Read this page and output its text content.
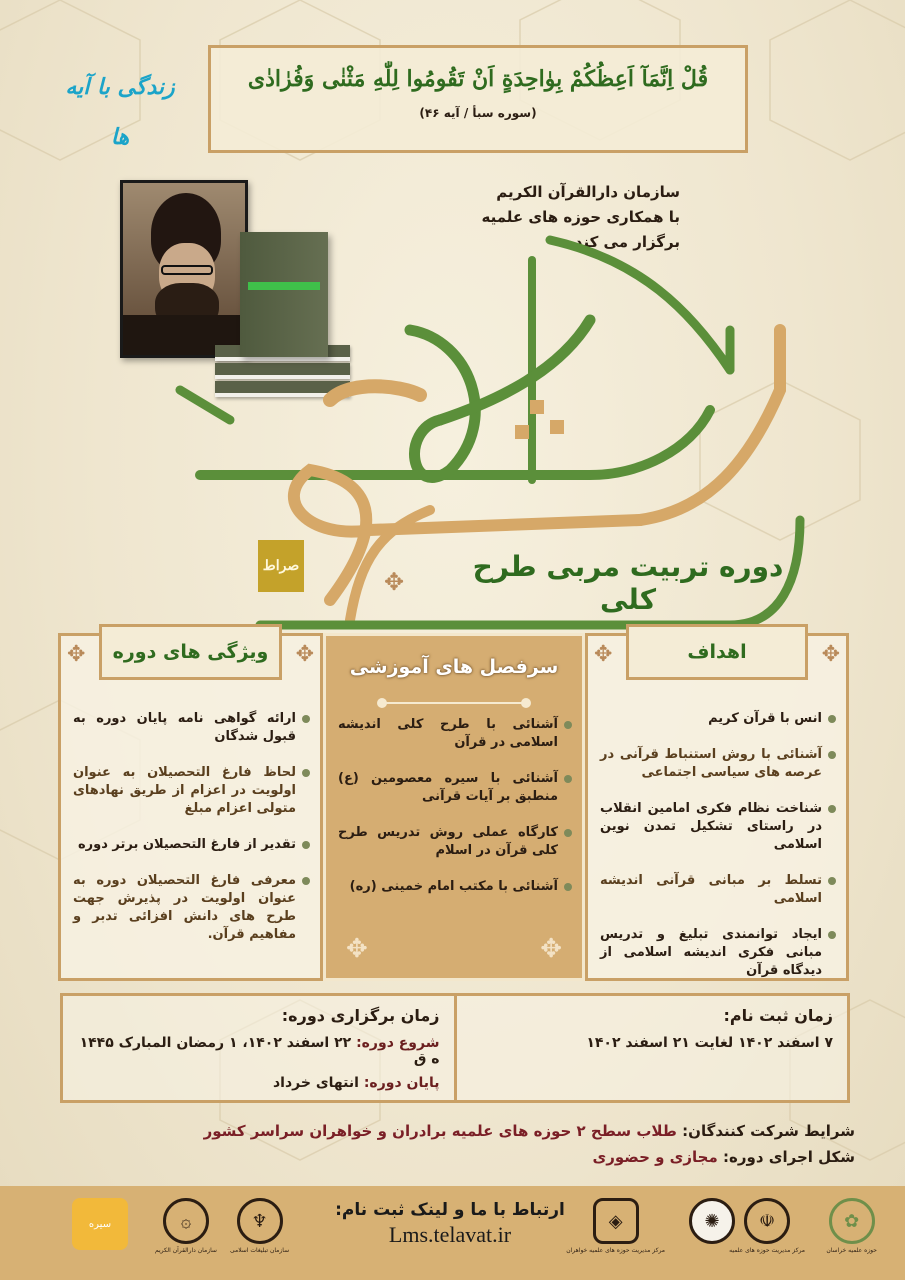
زندگی با آیه ها
قُلْ اِنَّمَآ اَعِظُكُمْ بِوٰاحِدَةٍ اَنْ تَقُومُوا لِلّٰهِ مَثْنٰى وَفُرٰادٰى
(سوره سبأ / آیه ۴۶)
سازمان دارالقرآن الکریم
با همکاری حوزه های علمیه
برگزار می کند
صراط
✥	دوره تربیت مربی طرح کلی
✥
✥	اهداف
انس با قرآن کریم
آشنائی با روش استنباط قرآنی در عرصه های سیاسی اجتماعی
شناخت نظام فکری امامین انقلاب در راستای تشکیل تمدن نوین اسلامی
تسلط بر مبانی قرآنی اندیشه اسلامی
ایجاد توانمندی تبلیغ و تدریس مبانی فکری اندیشه اسلامی از دیدگاه قرآن
سرفصل های آموزشی
آشنائی با طرح کلی اندیشه اسلامی در قرآن
آشنائی با سیره معصومین (ع) منطبق بر آیات قرآنی
کارگاه عملی روش تدریس طرح کلی قرآن در اسلام
آشنائی با مکتب امام خمینی (ره)
✥
✥
✥
✥	ویژگی های دوره
ارائه گواهی نامه پایان دوره به قبول شدگان
لحاظ فارغ التحصیلان به عنوان اولویت در اعزام از طریق نهادهای متولی اعزام مبلغ
تقدیر از فارغ التحصیلان برتر دوره
معرفی فارغ التحصیلان دوره به عنوان اولویت در پذیرش جهت طرح های دانش افزائی تدبر و مفاهیم قرآن.
زمان ثبت نام:
۷ اسفند ۱۴۰۲ لغایت ۲۱ اسفند ۱۴۰۲
زمان برگزاری دوره:
شروع دوره: ۲۲ اسفند ۱۴۰۲، ۱ رمضان المبارک ۱۴۴۵ ه ق
پایان دوره: انتهای خرداد
شرایط شرکت کنندگان: طلاب سطح ۲ حوزه های علمیه برادران و خواهران سراسر کشور
شکل اجرای دوره: مجازی و حضوری
✿
حوزه علمیه خراسان
☫
مرکز مدیریت حوزه های علمیه
✺
◈
مرکز مدیریت حوزه های علمیه خواهران
ارتباط با ما و لینک ثبت نام:
Lms.telavat.ir
♆
سازمان تبلیغات اسلامی
۞
سازمان دارالقرآن الکریم
سیره
